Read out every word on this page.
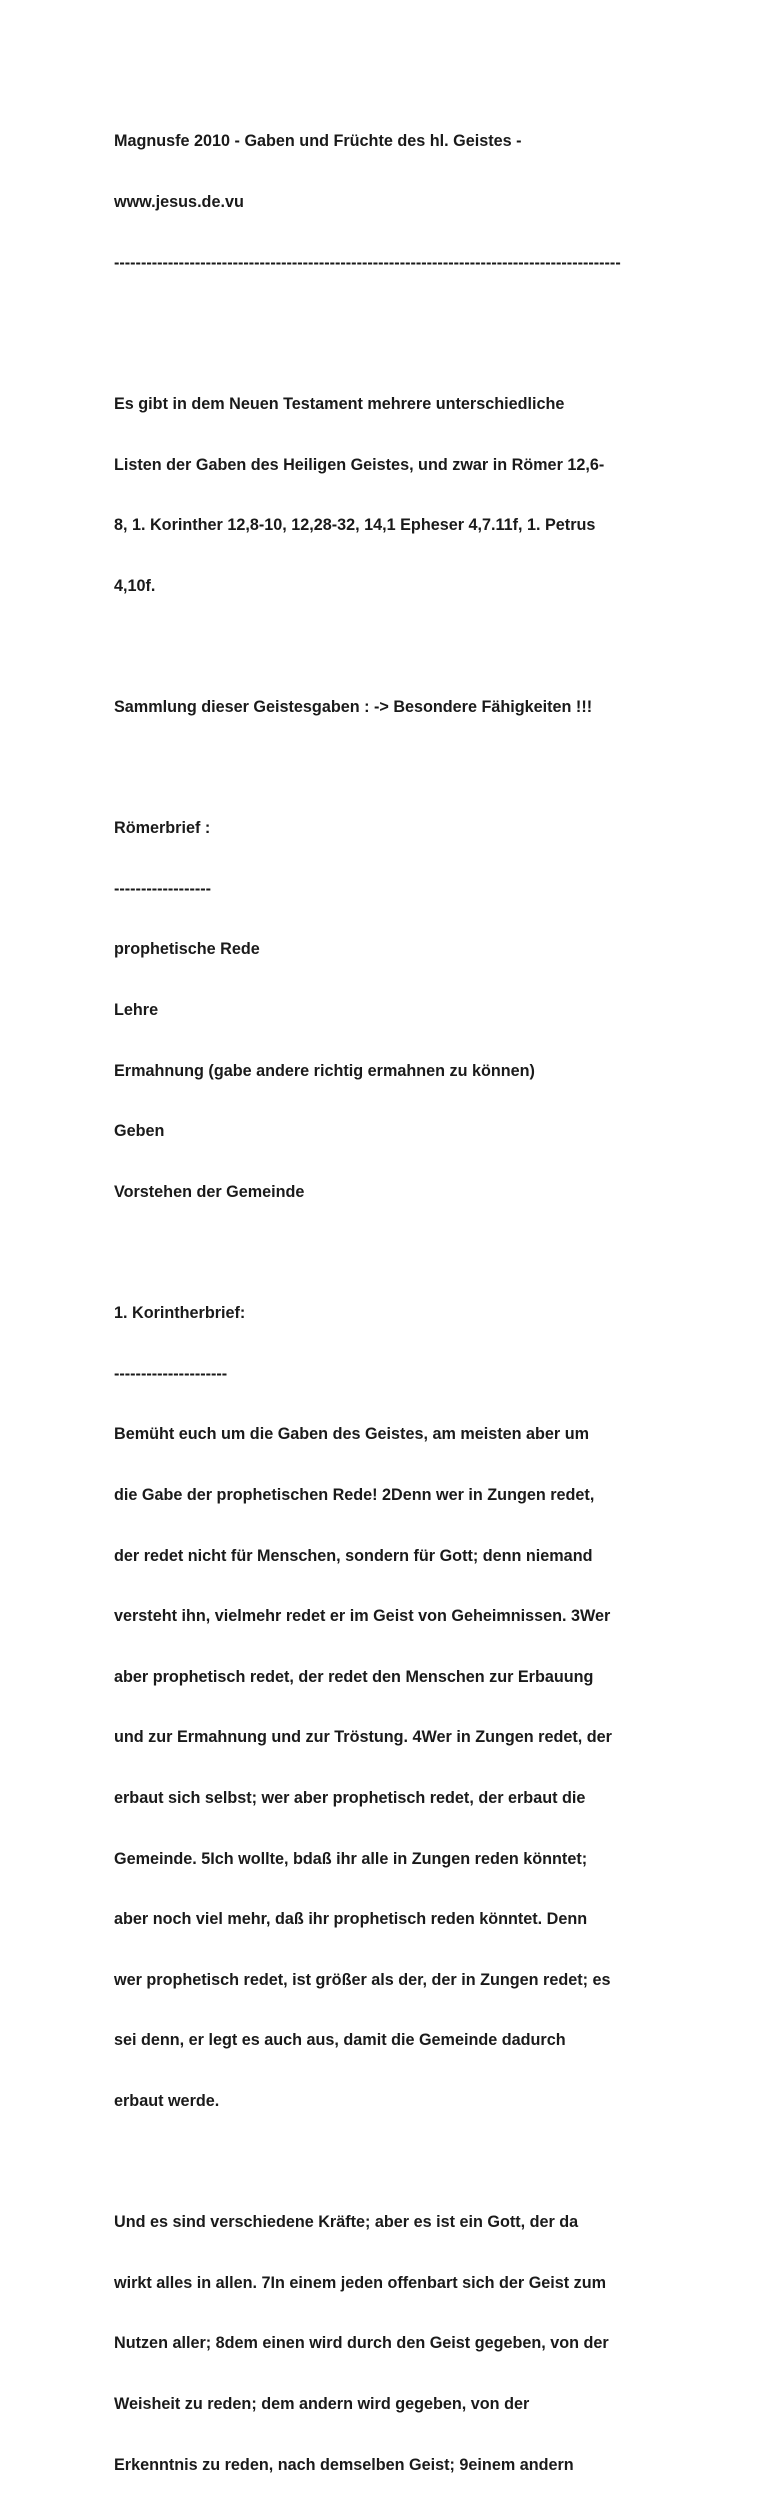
Magnusfe 2010 - Gaben und Früchte des hl. Geistes -

www.jesus.de.vu

----------------------------------------------------------------------------------------------

Es gibt in dem Neuen Testament mehrere unterschiedliche

Listen der Gaben des Heiligen Geistes, und zwar in Römer 12,6-

8, 1. Korinther 12,8-10, 12,28-32, 14,1 Epheser 4,7.11f, 1. Petrus

4,10f.

Sammlung dieser Geistesgaben : -> Besondere Fähigkeiten !!!

Römerbrief :

------------------

prophetische Rede

Lehre

Ermahnung (gabe andere richtig ermahnen zu können)

Geben

Vorstehen der Gemeinde

1. Korintherbrief:

---------------------

Bemüht euch um die Gaben des Geistes, am meisten aber um

die Gabe der prophetischen Rede! 2Denn wer in Zungen redet,

der redet nicht für Menschen, sondern für Gott; denn niemand

versteht ihn, vielmehr redet er im Geist von Geheimnissen. 3Wer

aber prophetisch redet, der redet den Menschen zur Erbauung

und zur Ermahnung und zur Tröstung. 4Wer in Zungen redet, der

erbaut sich selbst; wer aber prophetisch redet, der erbaut die

Gemeinde. 5Ich wollte, bdaß ihr alle in Zungen reden könntet;

aber noch viel mehr, daß ihr prophetisch reden könntet. Denn

wer prophetisch redet, ist größer als der, der in Zungen redet; es

sei denn, er legt es auch aus, damit die Gemeinde dadurch

erbaut werde.

Und es sind verschiedene Kräfte; aber es ist ein Gott, der da

wirkt alles in allen. 7In einem jeden offenbart sich der Geist zum

Nutzen aller; 8dem einen wird durch den Geist gegeben, von der

Weisheit zu reden; dem andern wird gegeben, von der

Erkenntnis zu reden, nach demselben Geist; 9einem andern
